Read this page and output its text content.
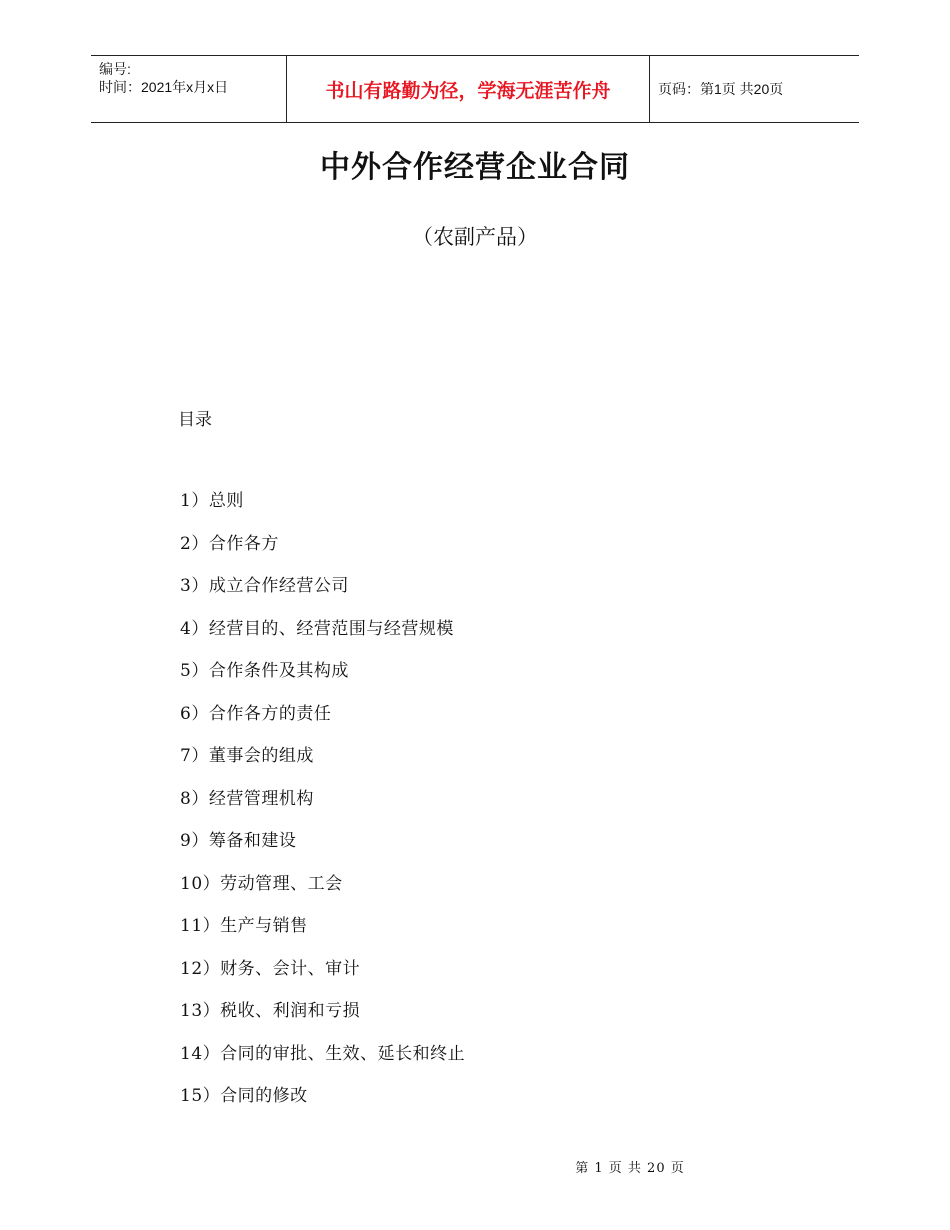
编号:
时间：2021年x月x日	书山有路勤为径，学海无涯苦作舟	页码：第1页 共20页
中外合作经营企业合同
（农副产品）
目录
1）总则
2）合作各方
3）成立合作经营公司
4）经营目的、经营范围与经营规模
5）合作条件及其构成
6）合作各方的责任
7）董事会的组成
8）经营管理机构
9）筹备和建设
10）劳动管理、工会
11）生产与销售
12）财务、会计、审计
13）税收、利润和亏损
14）合同的审批、生效、延长和终止
15）合同的修改
第 1 页 共 20 页
